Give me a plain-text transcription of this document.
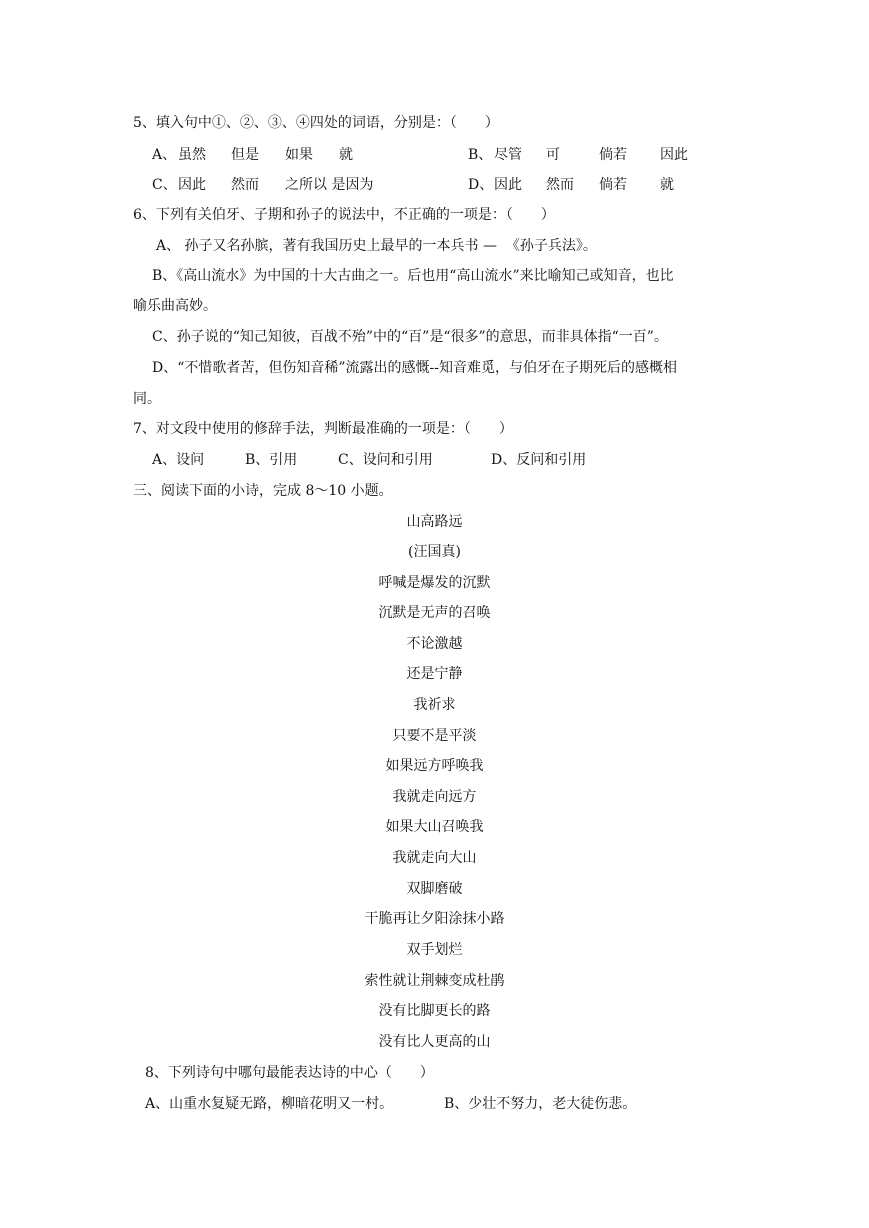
5、填入句中①、②、③、④四处的词语，分别是：（　　）
A、 虽然 但是 如果 就	B、 尽管 可	倘若 因此
C、 因此 然而 之所以 是因为	D、 因此 然而 倘若 就
6、下列有关伯牙、子期和孙子的说法中，不正确的一项是：（　　）
A、 孙子又名孙膑，著有我国历史上最早的一本兵书 —  《孙子兵法》。
B、《高山流水》为中国的十大古曲之一。后也用“高山流水”来比喻知己或知音，也比
喻乐曲高妙。
C、孙子说的“知己知彼，百战不殆”中的“百”是“很多”的意思，而非具体指“一百”。
D、“不惜歌者苦，但伤知音稀”流露出的感慨--知音难觅，与伯牙在子期死后的感概相
同。
7、对文段中使用的修辞手法，判断最准确的一项是：（　　）
A、设问	B、引用	C、设问和引用	D、反问和引用
三、阅读下面的小诗，完成 8～10 小题。
山高路远
(汪国真)
呼喊是爆发的沉默
沉默是无声的召唤
不论激越
还是宁静
我祈求
只要不是平淡
如果远方呼唤我
我就走向远方
如果大山召唤我
我就走向大山
双脚磨破
干脆再让夕阳涂抹小路
双手划烂
索性就让荆棘变成杜鹃
没有比脚更长的路
没有比人更高的山
8、下列诗句中哪句最能表达诗的中心（　　）
A、山重水复疑无路，柳暗花明又一村。	B、少壮不努力，老大徒伤悲。
